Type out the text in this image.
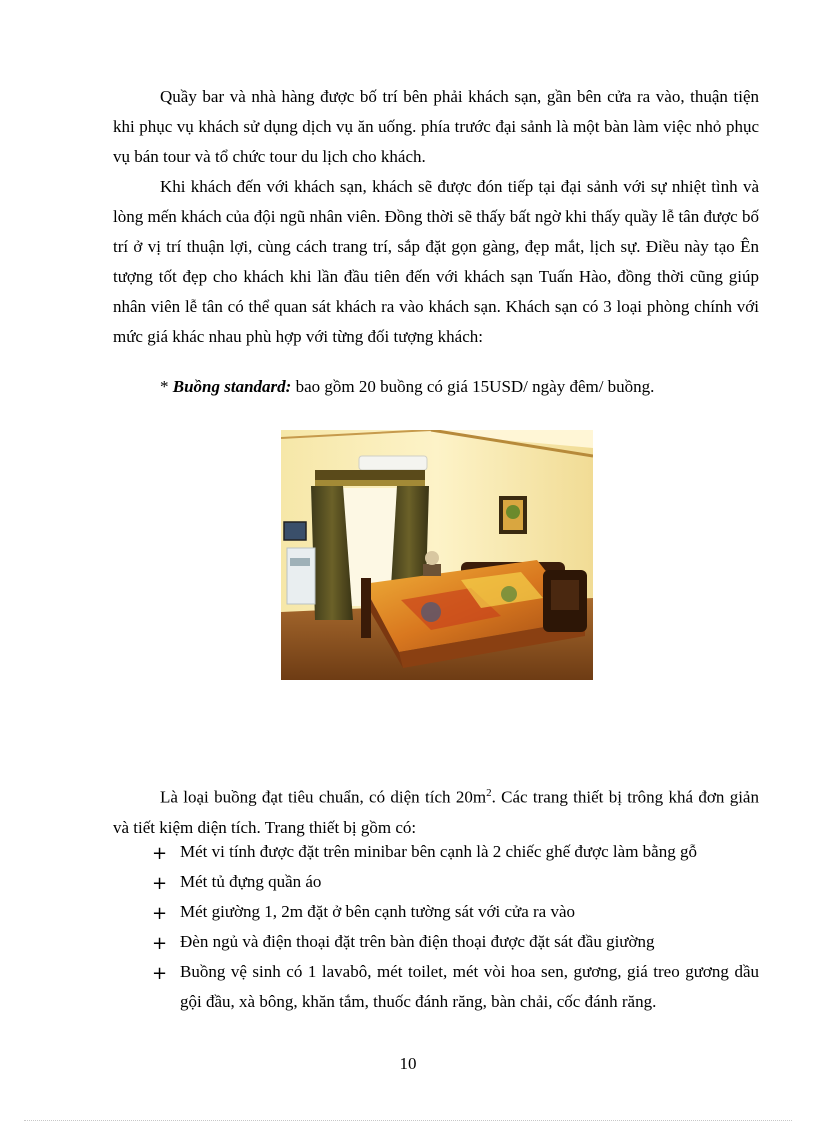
Quầy bar và nhà hàng được bố trí bên phải khách sạn, gần bên cửa ra vào, thuận tiện khi phục vụ khách sử dụng dịch vụ ăn uống. phía trước đại sảnh là một bàn làm việc nhỏ phục vụ bán tour và tổ chức tour du lịch cho khách.

Khi khách đến với khách sạn, khách sẽ được đón tiếp tại đại sảnh với sự nhiệt tình và lòng mến khách của đội ngũ nhân viên. Đồng thời sẽ thấy bất ngờ khi thấy quầy lễ tân được bố trí ở vị trí thuận lợi, cùng cách trang trí, sắp đặt gọn gàng, đẹp mắt, lịch sự. Điều này tạo Ên tượng tốt đẹp cho khách khi lần đầu tiên đến với khách sạn Tuấn Hào, đồng thời cũng giúp nhân viên lễ tân có thể quan sát khách ra vào khách sạn. Khách sạn có 3 loại phòng chính với mức giá khác nhau phù hợp với từng đối tượng khách:

* Buồng standard: bao gồm 20 buồng có giá 15USD/ ngày đêm/ buồng.

Là loại buồng đạt tiêu chuẩn, có diện tích $20m^2$. Các trang thiết bị trông khá đơn giản và tiết kiệm diện tích. Trang thiết bị gồm có:

+ Mét vi tính được đặt trên minibar bên cạnh là 2 chiếc ghế được làm bằng gỗ
+ Mét tủ đựng quần áo
+ Mét giường 1, 2m đặt ở bên cạnh tường sát với cửa ra vào
+ Đèn ngủ và điện thoại đặt trên bàn điện thoại được đặt sát đầu giường
+ Buồng vệ sinh có 1 lavabô, mét toilet, mét vòi hoa sen, gương, giá treo gương dầu gội đầu, xà bông, khăn tắm, thuốc đánh răng, bàn chải, cốc đánh răng.
10
